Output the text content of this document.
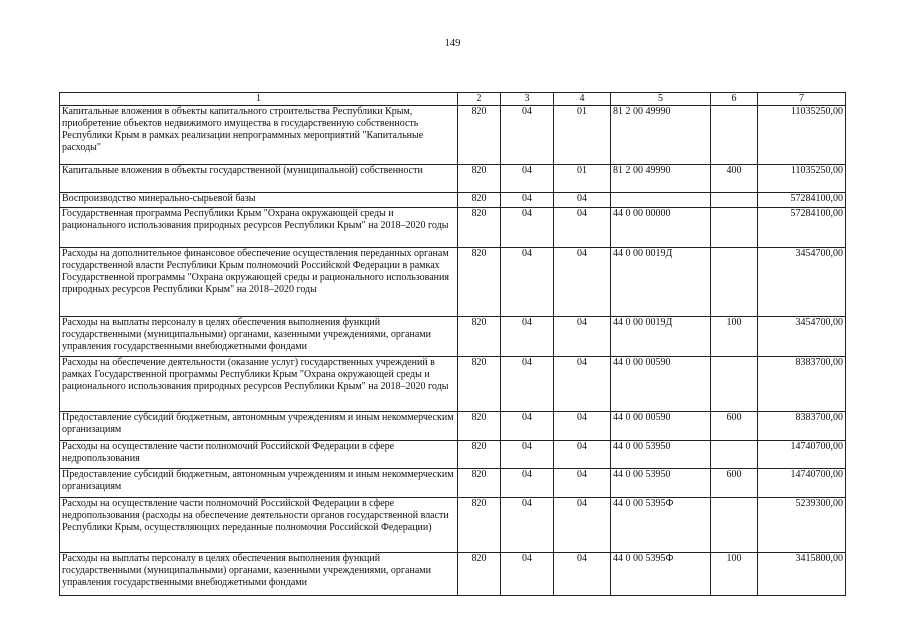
149
1	2	3	4	5	6	7
Капитальные вложения в объекты капитального строительства Республики Крым, приобретение объектов недвижимого имущества в государственную собственность Республики Крым в рамках реализации непрограммных мероприятий "Капитальные расходы"	820	04	01	81 2 00 49990		11035250,00
Капитальные вложения в объекты государственной (муниципальной) собственности	820	04	01	81 2 00 49990	400	11035250,00
Воспроизводство минерально-сырьевой базы	820	04	04			57284100,00
Государственная программа Республики Крым "Охрана окружающей среды и рационального использования природных ресурсов Республики Крым" на 2018–2020 годы	820	04	04	44 0 00 00000		57284100,00
Расходы на дополнительное финансовое обеспечение осуществления переданных органам государственной власти Республики Крым полномочий Российской Федерации в рамках Государственной программы "Охрана окружающей среды и рационального использования природных ресурсов Республики Крым" на 2018–2020 годы	820	04	04	44 0 00 0019Д		3454700,00
Расходы на выплаты персоналу в целях обеспечения выполнения функций государственными (муниципальными) органами, казенными учреждениями, органами управления государственными внебюджетными фондами	820	04	04	44 0 00 0019Д	100	3454700,00
Расходы на обеспечение деятельности (оказание услуг) государственных учреждений в рамках Государственной программы Республики Крым "Охрана окружающей среды и рационального использования природных ресурсов Республики Крым" на 2018–2020 годы	820	04	04	44 0 00 00590		8383700,00
Предоставление субсидий бюджетным, автономным учреждениям и иным некоммерческим организациям	820	04	04	44 0 00 00590	600	8383700,00
Расходы на осуществление части полномочий Российской Федерации в сфере недропользования	820	04	04	44 0 00 53950		14740700,00
Предоставление субсидий бюджетным, автономным учреждениям и иным некоммерческим организациям	820	04	04	44 0 00 53950	600	14740700,00
Расходы на осуществление части полномочий Российской Федерации в сфере недропользования (расходы на обеспечение деятельности органов государственной власти Республики Крым, осуществляющих переданные полномочия Российской Федерации)	820	04	04	44 0 00 5395Ф		5239300,00
Расходы на выплаты персоналу в целях обеспечения выполнения функций государственными (муниципальными) органами, казенными учреждениями, органами управления государственными внебюджетными фондами	820	04	04	44 0 00 5395Ф	100	3415800,00
